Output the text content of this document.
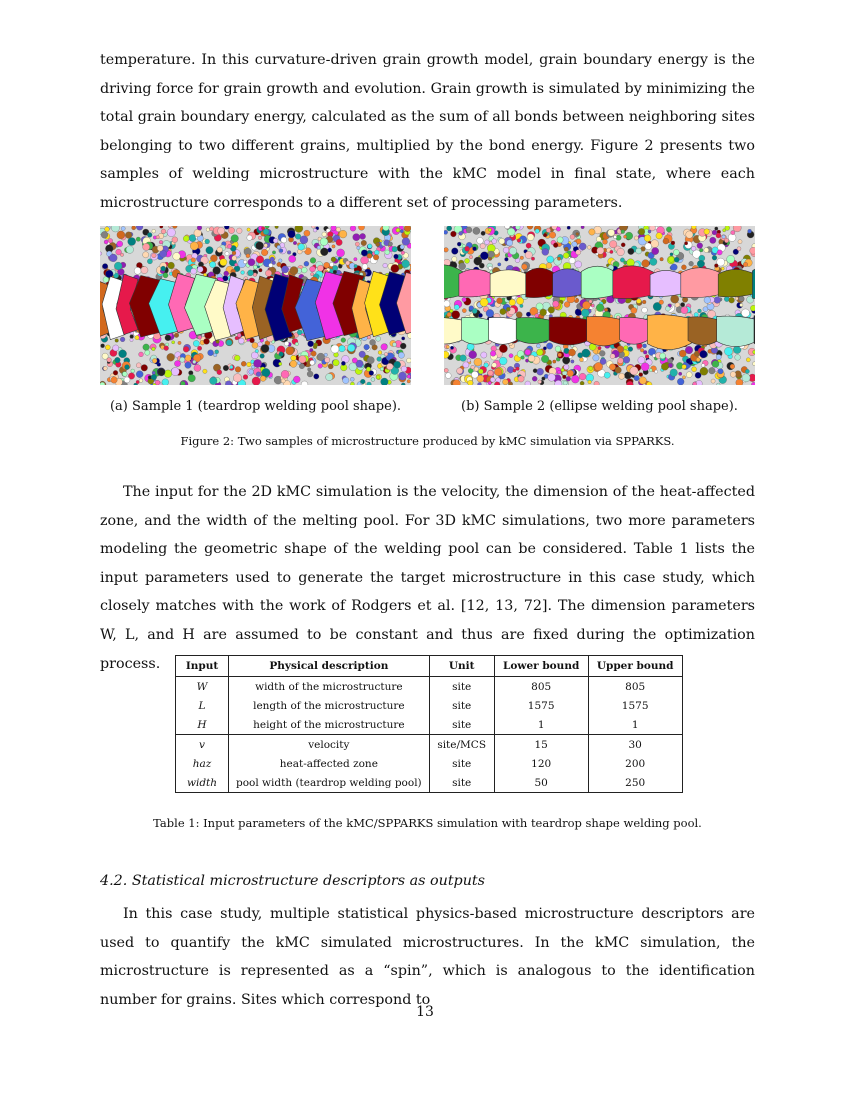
temperature. In this curvature-driven grain growth model, grain boundary energy is the driving force for grain growth and evolution. Grain growth is simulated by minimizing the total grain boundary energy, calculated as the sum of all bonds between neighboring sites belonging to two different grains, multiplied by the bond energy. Figure 2 presents two samples of welding microstructure with the kMC model in final state, where each microstructure corresponds to a different set of processing parameters.

(a) Sample 1 (teardrop welding pool shape).	(b) Sample 2 (ellipse welding pool shape).
Figure 2: Two samples of microstructure produced by kMC simulation via SPPARKS.

The input for the 2D kMC simulation is the velocity, the dimension of the heat-affected zone, and the width of the melting pool. For 3D kMC simulations, two more parameters modeling the geometric shape of the welding pool can be considered. Table 1 lists the input parameters used to generate the target microstructure in this case study, which closely matches with the work of Rodgers et al. [12, 13, 72]. The dimension parameters W, L, and H are assumed to be constant and thus are fixed during the optimization process.	Input	Physical description	Unit	Lower bound	Upper bound
W	width of the microstructure	site	805	805
L	length of the microstructure	site	1575	1575
H	height of the microstructure	site	1	1
v	velocity	site/MCS	15	30
haz	heat-affected zone	site	120	200
width	pool width (teardrop welding pool)	site	50	250
Table 1: Input parameters of the kMC/SPPARKS simulation with teardrop shape welding pool.
4.2. Statistical microstructure descriptors as outputs

In this case study, multiple statistical physics-based microstructure descriptors are used to quantify the kMC simulated microstructures. In the kMC simulation, the microstructure is represented as a “spin”, which is analogous to the identification number for grains. Sites which correspond to

13
